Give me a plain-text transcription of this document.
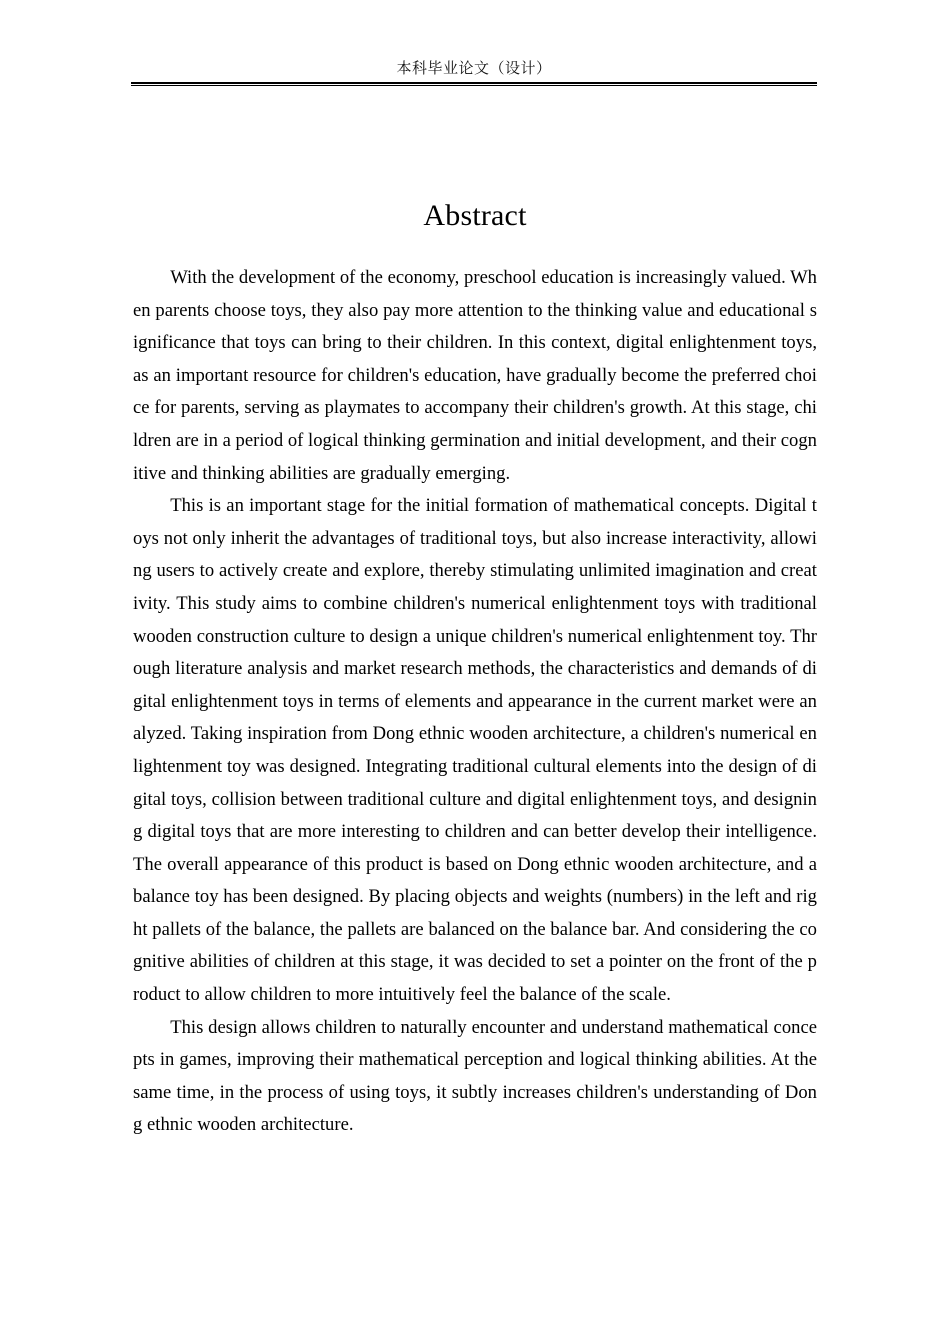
本科毕业论文（设计）
Abstract

With the development of the economy, preschool education is increasingly valued. When parents choose toys, they also pay more attention to the thinking value and educational significance that toys can bring to their children. In this context, digital enlightenment toys, as an important resource for children's education, have gradually become the preferred choice for parents, serving as playmates to accompany their children's growth. At this stage, children are in a period of logical thinking germination and initial development, and their cognitive and thinking abilities are gradually emerging.

This is an important stage for the initial formation of mathematical concepts. Digital toys not only inherit the advantages of traditional toys, but also increase interactivity, allowing users to actively create and explore, thereby stimulating unlimited imagination and creativity. This study aims to combine children's numerical enlightenment toys with traditional wooden construction culture to design a unique children's numerical enlightenment toy. Through literature analysis and market research methods, the characteristics and demands of digital enlightenment toys in terms of elements and appearance in the current market were analyzed. Taking inspiration from Dong ethnic wooden architecture, a children's numerical enlightenment toy was designed. Integrating traditional cultural elements into the design of digital toys, collision between traditional culture and digital enlightenment toys, and designing digital toys that are more interesting to children and can better develop their intelligence. The overall appearance of this product is based on Dong ethnic wooden architecture, and a balance toy has been designed. By placing objects and weights (numbers) in the left and right pallets of the balance, the pallets are balanced on the balance bar. And considering the cognitive abilities of children at this stage, it was decided to set a pointer on the front of the product to allow children to more intuitively feel the balance of the scale.

This design allows children to naturally encounter and understand mathematical concepts in games, improving their mathematical perception and logical thinking abilities. At the same time, in the process of using toys, it subtly increases children's understanding of Dong ethnic wooden architecture.
